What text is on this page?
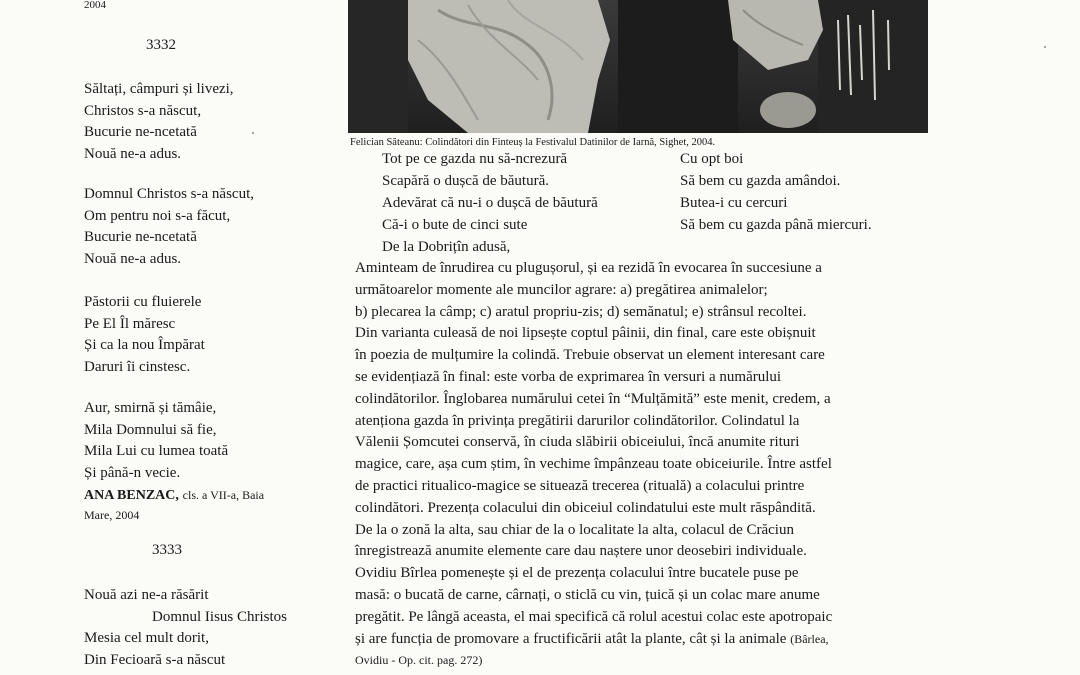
2004
3332
Săltați, câmpuri și livezi,
Christos s-a născut,
Bucurie ne-ncetată
Nouă ne-a adus.
Domnul Christos s-a născut,
Om pentru noi s-a făcut,
Bucurie ne-ncetată
Nouă ne-a adus.
Păstorii cu fluierele
Pe El Îl măresc
Și ca la nou Împărat
Daruri îi cinstesc.
Aur, smirnă și tămâie,
Mila Domnului să fie,
Mila Lui cu lumea toată
Și până-n vecie.
ANA BENZAC, cls. a VII-a, Baia
Mare, 2004
3333
Nouă azi ne-a răsărit
Domnul Iisus Christos
Mesia cel mult dorit,
Din Fecioară s-a născut
Felician Săteanu: Colindători din Finteuș la Festivalul Datinilor de Iarnă, Sighet, 2004.
Tot pe ce gazda nu să-ncrezură
Scapără o dușcă de băutură.
Adevărat că nu-i o dușcă de băutură
Că-i o bute de cinci sute
De la Dobrițîn adusă,
Cu opt boi
Să bem cu gazda amândoi.
Butea-i cu cercuri
Să bem cu gazda până miercuri.
Aminteam de înrudirea cu plugușorul, și ea rezidă în evocarea în succesiune a
următoarelor momente ale muncilor agrare: a) pregătirea animalelor;
b) plecarea la câmp; c) aratul propriu-zis; d) semănatul; e) strânsul recoltei.
Din varianta culeasă de noi lipsește coptul pâinii, din final, care este obișnuit
în poezia de mulțumire la colindă. Trebuie observat un element interesant care
se evidențiază în final: este vorba de exprimarea în versuri a numărului
colindătorilor. Înglobarea numărului cetei în “Mulțămită” este menit, credem, a
atenționa gazda în privința pregătirii darurilor colindătorilor. Colindatul la
Vălenii Șomcutei conservă, în ciuda slăbirii obiceiului, încă anumite rituri
magice, care, așa cum știm, în vechime împânzeau toate obiceiurile. Între astfel
de practici ritualico-magice se situează trecerea (rituală) a colacului printre
colindători. Prezența colacului din obiceiul colindatului este mult răspândită.
De la o zonă la alta, sau chiar de la o localitate la alta, colacul de Crăciun
înregistrează anumite elemente care dau naștere unor deosebiri individuale.
Ovidiu Bîrlea pomenește și el de prezența colacului între bucatele puse pe
masă: o bucată de carne, cârnați, o sticlă cu vin, țuică și un colac mare anume
pregătit. Pe lângă aceasta, el mai specifică că rolul acestui colac este apotropaic
și are funcția de promovare a fructificării atât la plante, cât și la animale (Bârlea,
Ovidiu - Op. cit. pag. 272)
